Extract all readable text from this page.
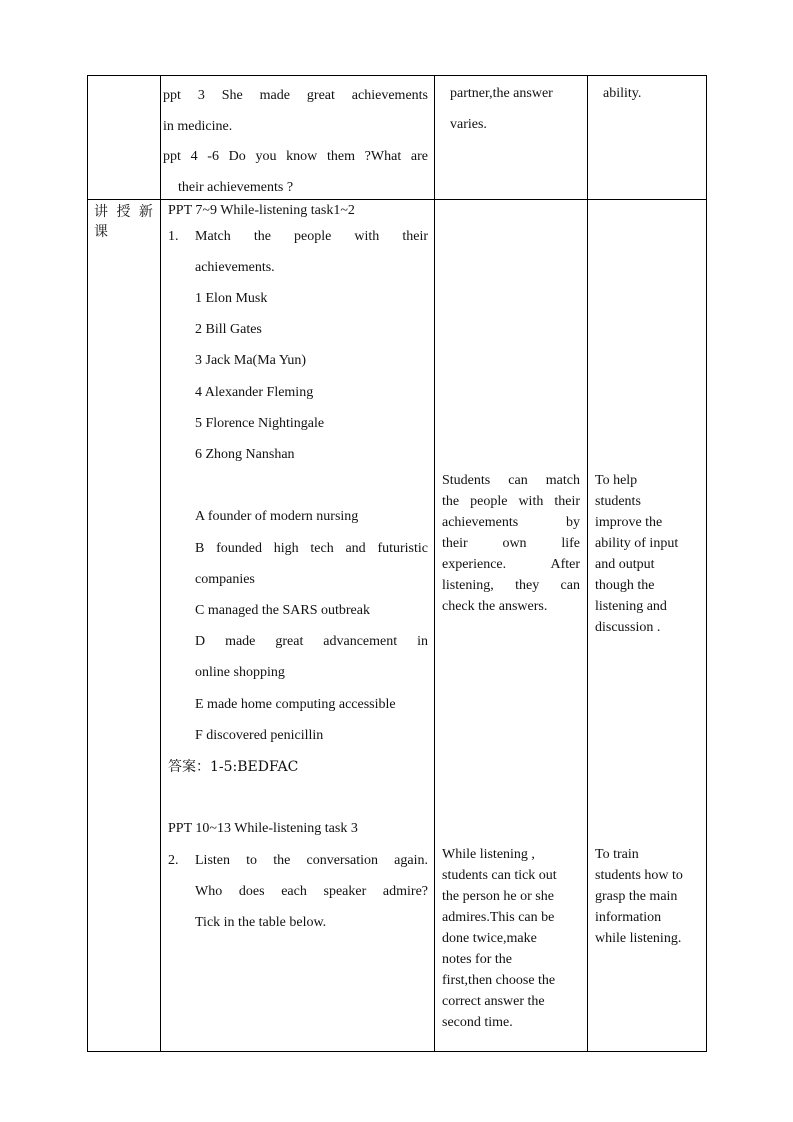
ppt 3 She made great achievements
in medicine.
ppt 4 -6 Do you know them ?What are
their achievements ?
partner,the answer
varies.
ability.
讲 授 新 课
PPT 7~9 While-listening task1~2
1. Match the people with their
achievements.
1 Elon Musk
2 Bill Gates
3 Jack Ma(Ma Yun)
4 Alexander Fleming
5 Florence Nightingale
6 Zhong Nanshan
A founder of modern nursing
B founded high tech and futuristic
companies
C managed the SARS outbreak
D made great advancement in
online shopping
E made home computing accessible
F discovered penicillin
答案：1-5:BEDFAC
PPT 10~13 While-listening task 3
2. Listen to the conversation again.
Who does each speaker admire?
Tick in the table below.
Students can match
the people with their
achievements by
their own life
experience. After
listening, they can
check the answers.
To help
students
improve the
ability of input
and output
though the
listening and
discussion .
While listening ,
students can tick out
the person he or she
admires.This can be
done twice,make
notes for the
first,then choose the
correct answer the
second time.
To train
students how to
grasp the main
information
while listening.
